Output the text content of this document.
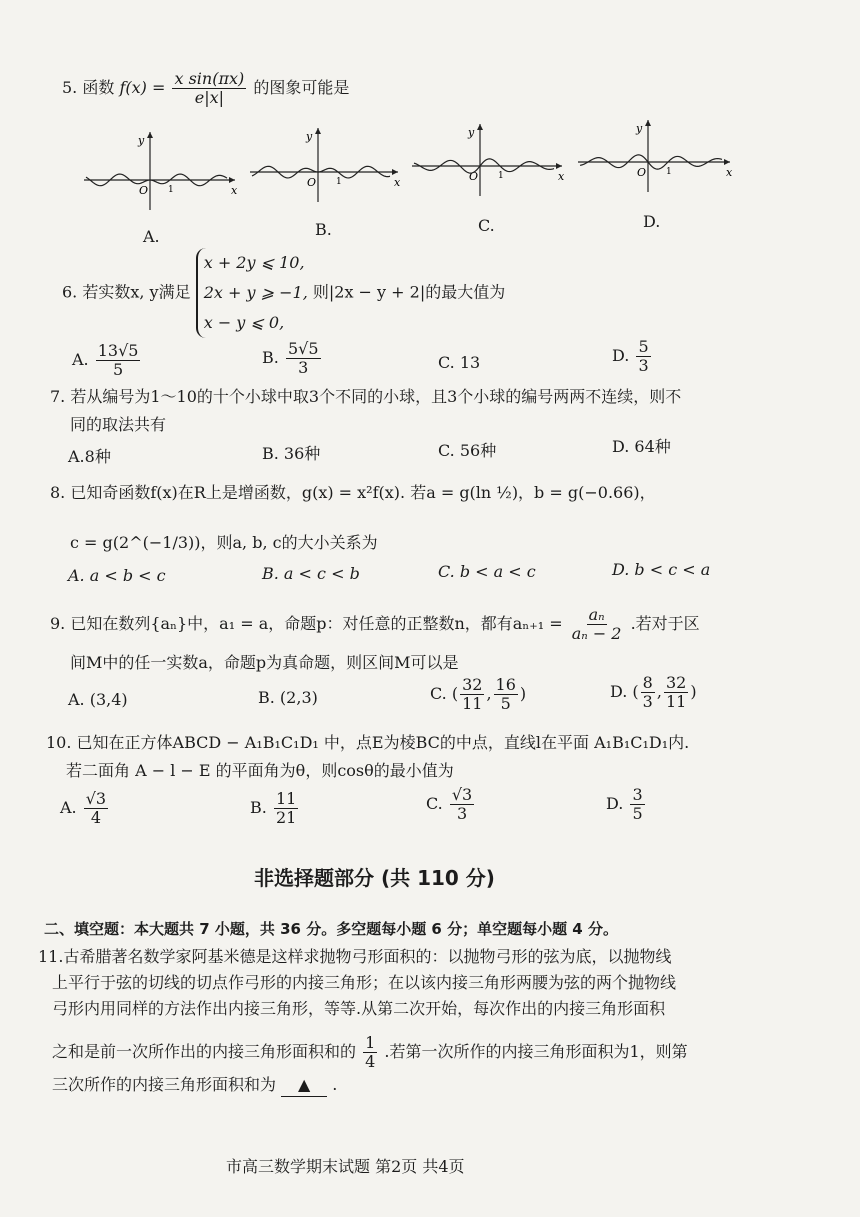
5. 函数 $f(x) = \frac{\text{x sin(πx)}}{e|x|}$ 的图象可能是
y
x
O 1
y
x
O 1
y
x
O 1
y
x
O 1
A.	B.	C.	D.
6. 若实数x, y满足
x + 2y ⩽ 10,
2x + y ⩾ −1,
x − y ⩽ 0,
则|2x − y + 2|的最大值为
A. $\frac{13√5}{5}$	B. $\frac{5√5}{3}$	C. 13	D. $\frac{5}{3}$
7. 若从编号为1～10的十个小球中取3个不同的小球，且3个小球的编号两两不连续，则不
同的取法共有
A.8种	B. 36种	C. 56种	D. 64种
8. 已知奇函数f(x)在R上是增函数，g(x) = x²f(x). 若a = g(ln ½)，b = g(−0.66)，
c = g(2^(−1/3))，则a, b, c的大小关系为
A. a < b < c	B. a < c < b	C. b < a < c	D. b < c < a
9. 已知在数列{aₙ}中，a₁ = a，命题p：对任意的正整数n，都有$a_{n+1} = \frac{\text{aₙ}}{\text{aₙ − 2}}$ .若对于区
间M中的任一实数a，命题p为真命题，则区间M可以是
A. (3,4)	B. (2,3)	C. ( $\frac{32}{11}$ , $\frac{16}{5}$ )	D. ( $\frac{8}{3}$ , $\frac{32}{11}$ )
10. 已知在正方体ABCD − A₁B₁C₁D₁ 中，点E为棱BC的中点，直线l在平面 A₁B₁C₁D₁内.
若二面角 A − l − E 的平面角为θ，则cosθ的最小值为
A. $\frac{√3}{4}$	B. $\frac{11}{21}$	C. $\frac{√3}{3}$	D. $\frac{3}{5}$
非选择题部分 (共 110 分)
二、填空题：本大题共 7 小题，共 36 分。多空题每小题 6 分；单空题每小题 4 分。
11.古希腊著名数学家阿基米德是这样求抛物弓形面积的：以抛物弓形的弦为底，以抛物线
上平行于弦的切线的切点作弓形的内接三角形；在以该内接三角形两腰为弦的两个抛物线
弓形内用同样的方法作出内接三角形，等等.从第二次开始，每次作出的内接三角形面积
之和是前一次所作出的内接三角形面积和的 $\frac{1}{4}$ .若第一次所作的内接三角形面积为1，则第
三次所作的内接三角形面积和为 ▲ .
市高三数学期末试题 第2页 共4页
